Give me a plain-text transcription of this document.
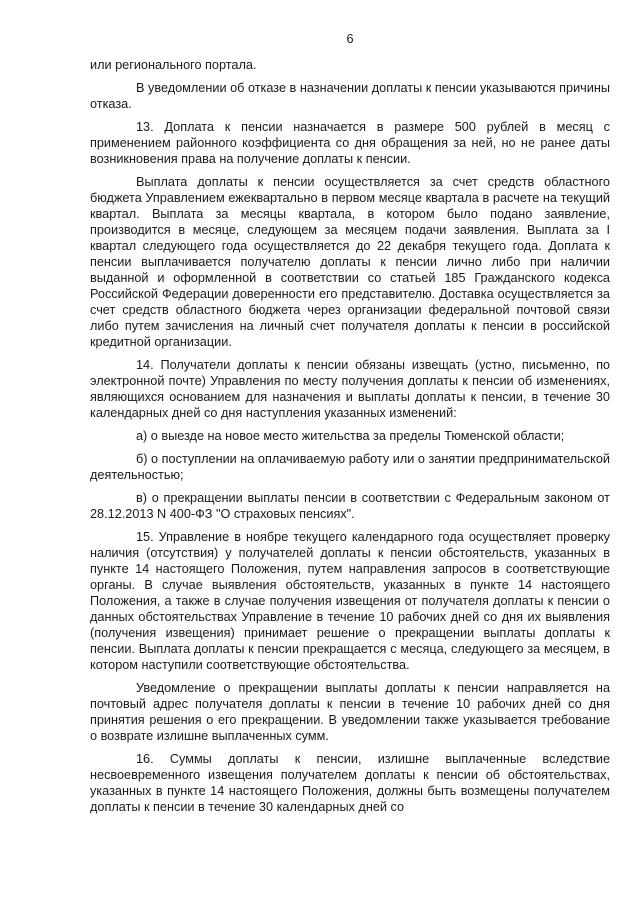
6

или регионального портала.

В уведомлении об отказе в назначении доплаты к пенсии указываются причины отказа.

13. Доплата к пенсии назначается в размере 500 рублей в месяц с применением районного коэффициента со дня обращения за ней, но не ранее даты возникновения права на получение доплаты к пенсии.

Выплата доплаты к пенсии осуществляется за счет средств областного бюджета Управлением ежеквартально в первом месяце квартала в расчете на текущий квартал. Выплата за месяцы квартала, в котором было подано заявление, производится в месяце, следующем за месяцем подачи заявления. Выплата за I квартал следующего года осуществляется до 22 декабря текущего года. Доплата к пенсии выплачивается получателю доплаты к пенсии лично либо при наличии выданной и оформленной в соответствии со статьей 185 Гражданского кодекса Российской Федерации доверенности его представителю. Доставка осуществляется за счет средств областного бюджета через организации федеральной почтовой связи либо путем зачисления на личный счет получателя доплаты к пенсии в российской кредитной организации.

14. Получатели доплаты к пенсии обязаны извещать (устно, письменно, по электронной почте) Управления по месту получения доплаты к пенсии об изменениях, являющихся основанием для назначения и выплаты доплаты к пенсии, в течение 30 календарных дней со дня наступления указанных изменений:

а) о выезде на новое место жительства за пределы Тюменской области;

б) о поступлении на оплачиваемую работу или о занятии предпринимательской деятельностью;

в) о прекращении выплаты пенсии в соответствии с Федеральным законом от 28.12.2013 N 400-ФЗ "О страховых пенсиях".

15. Управление в ноябре текущего календарного года осуществляет проверку наличия (отсутствия) у получателей доплаты к пенсии обстоятельств, указанных в пункте 14 настоящего Положения, путем направления запросов в соответствующие органы. В случае выявления обстоятельств, указанных в пункте 14 настоящего Положения, а также в случае получения извещения от получателя доплаты к пенсии о данных обстоятельствах Управление в течение 10 рабочих дней со дня их выявления (получения извещения) принимает решение о прекращении выплаты доплаты к пенсии. Выплата доплаты к пенсии прекращается с месяца, следующего за месяцем, в котором наступили соответствующие обстоятельства.

Уведомление о прекращении выплаты доплаты к пенсии направляется на почтовый адрес получателя доплаты к пенсии в течение 10 рабочих дней со дня принятия решения о его прекращении. В уведомлении также указывается требование о возврате излишне выплаченных сумм.

16. Суммы доплаты к пенсии, излишне выплаченные вследствие несвоевременного извещения получателем доплаты к пенсии об обстоятельствах, указанных в пункте 14 настоящего Положения, должны быть возмещены получателем доплаты к пенсии в течение 30 календарных дней со
